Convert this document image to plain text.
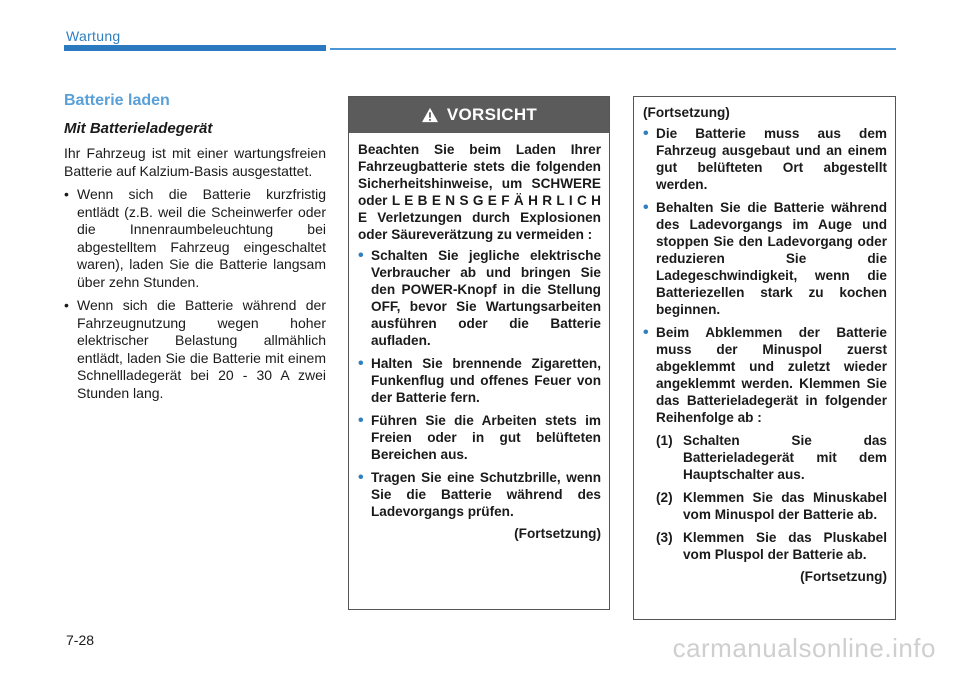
Wartung
Batterie laden
Mit Batterieladegerät

Ihr Fahrzeug ist mit einer wartungsfreien Batterie auf Kalzium-Basis ausgestattet.

• Wenn sich die Batterie kurzfristig entlädt (z.B. weil die Scheinwerfer oder die Innenraumbeleuchtung bei abgestelltem Fahrzeug eingeschaltet waren), laden Sie die Batterie langsam über zehn Stunden.
• Wenn sich die Batterie während der Fahrzeugnutzung wegen hoher elektrischer Belastung allmählich entlädt, laden Sie die Batterie mit einem Schnellladegerät bei 20 - 30 A zwei Stunden lang.
VORSICHT

Beachten Sie beim Laden Ihrer Fahrzeugbatterie stets die folgenden Sicherheitshinweise, um SCHWERE oder L E B E N S G E F Ä H R L I C H E Verletzungen durch Explosionen oder Säureverätzung zu vermeiden :

• Schalten Sie jegliche elektrische Verbraucher ab und bringen Sie den POWER-Knopf in die Stellung OFF, bevor Sie Wartungsarbeiten ausführen oder die Batterie aufladen.
• Halten Sie brennende Zigaretten, Funkenflug und offenes Feuer von der Batterie fern.
• Führen Sie die Arbeiten stets im Freien oder in gut belüfteten Bereichen aus.
• Tragen Sie eine Schutzbrille, wenn Sie die Batterie während des Ladevorgangs prüfen.

(Fortsetzung)

(Fortsetzung)

• Die Batterie muss aus dem Fahrzeug ausgebaut und an einem gut belüfteten Ort abgestellt werden.
• Behalten Sie die Batterie während des Ladevorgangs im Auge und stoppen Sie den Ladevorgang oder reduzieren Sie die Ladegeschwindigkeit, wenn die Batteriezellen stark zu kochen beginnen.
• Beim Abklemmen der Batterie muss der Minuspol zuerst abgeklemmt und zuletzt wieder angeklemmt werden. Klemmen Sie das Batterieladegerät in folgender Reihenfolge ab :
(1) Schalten Sie das Batterieladegerät mit dem Hauptschalter aus.
(2) Klemmen Sie das Minuskabel vom Minuspol der Batterie ab.
(3) Klemmen Sie das Pluskabel vom Pluspol der Batterie ab.

(Fortsetzung)

7-28	carmanualsonline.info
